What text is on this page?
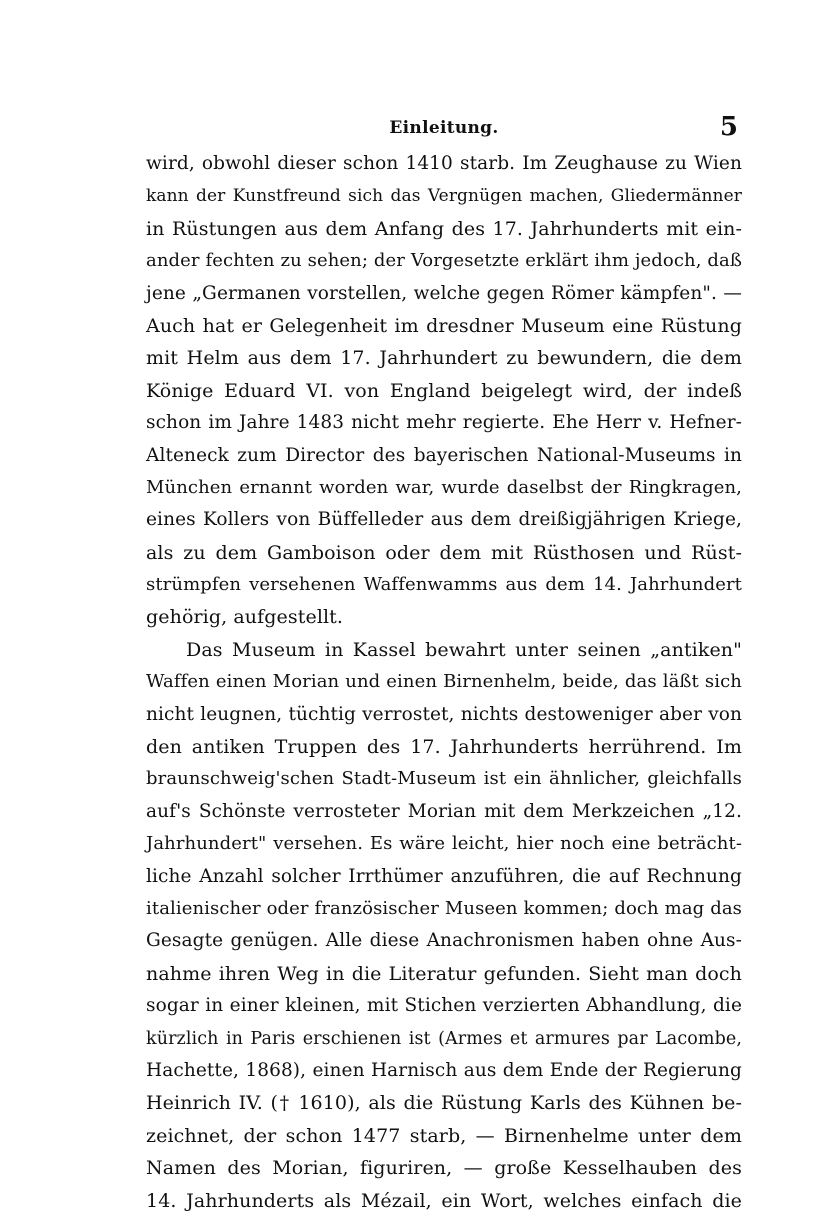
Einleitung.	5
wird, obwohl dieser schon 1410 starb. Im Zeughause zu Wien
kann der Kunstfreund sich das Vergnügen machen, Gliedermänner
in Rüstungen aus dem Anfang des 17. Jahrhunderts mit ein-
ander fechten zu sehen; der Vorgesetzte erklärt ihm jedoch, daß
jene „Germanen vorstellen, welche gegen Römer kämpfen". —
Auch hat er Gelegenheit im dresdner Museum eine Rüstung
mit Helm aus dem 17. Jahrhundert zu bewundern, die dem
Könige Eduard VI. von England beigelegt wird, der indeß
schon im Jahre 1483 nicht mehr regierte. Ehe Herr v. Hefner-
Alteneck zum Director des bayerischen National-Museums in
München ernannt worden war, wurde daselbst der Ringkragen,
eines Kollers von Büffelleder aus dem dreißigjährigen Kriege,
als zu dem Gamboison oder dem mit Rüsthosen und Rüst-
strümpfen versehenen Waffenwamms aus dem 14. Jahrhundert
gehörig, aufgestellt.
Das Museum in Kassel bewahrt unter seinen „antiken"
Waffen einen Morian und einen Birnenhelm, beide, das läßt sich
nicht leugnen, tüchtig verrostet, nichts destoweniger aber von
den antiken Truppen des 17. Jahrhunderts herrührend. Im
braunschweig'schen Stadt-Museum ist ein ähnlicher, gleichfalls
auf's Schönste verrosteter Morian mit dem Merkzeichen „12.
Jahrhundert" versehen. Es wäre leicht, hier noch eine beträcht-
liche Anzahl solcher Irrthümer anzuführen, die auf Rechnung
italienischer oder französischer Museen kommen; doch mag das
Gesagte genügen. Alle diese Anachronismen haben ohne Aus-
nahme ihren Weg in die Literatur gefunden. Sieht man doch
sogar in einer kleinen, mit Stichen verzierten Abhandlung, die
kürzlich in Paris erschienen ist (Armes et armures par Lacombe,
Hachette, 1868), einen Harnisch aus dem Ende der Regierung
Heinrich IV. († 1610), als die Rüstung Karls des Kühnen be-
zeichnet, der schon 1477 starb, — Birnenhelme unter dem
Namen des Morian, figuriren, — große Kesselhauben des
14. Jahrhunderts als Mézail, ein Wort, welches einfach die
